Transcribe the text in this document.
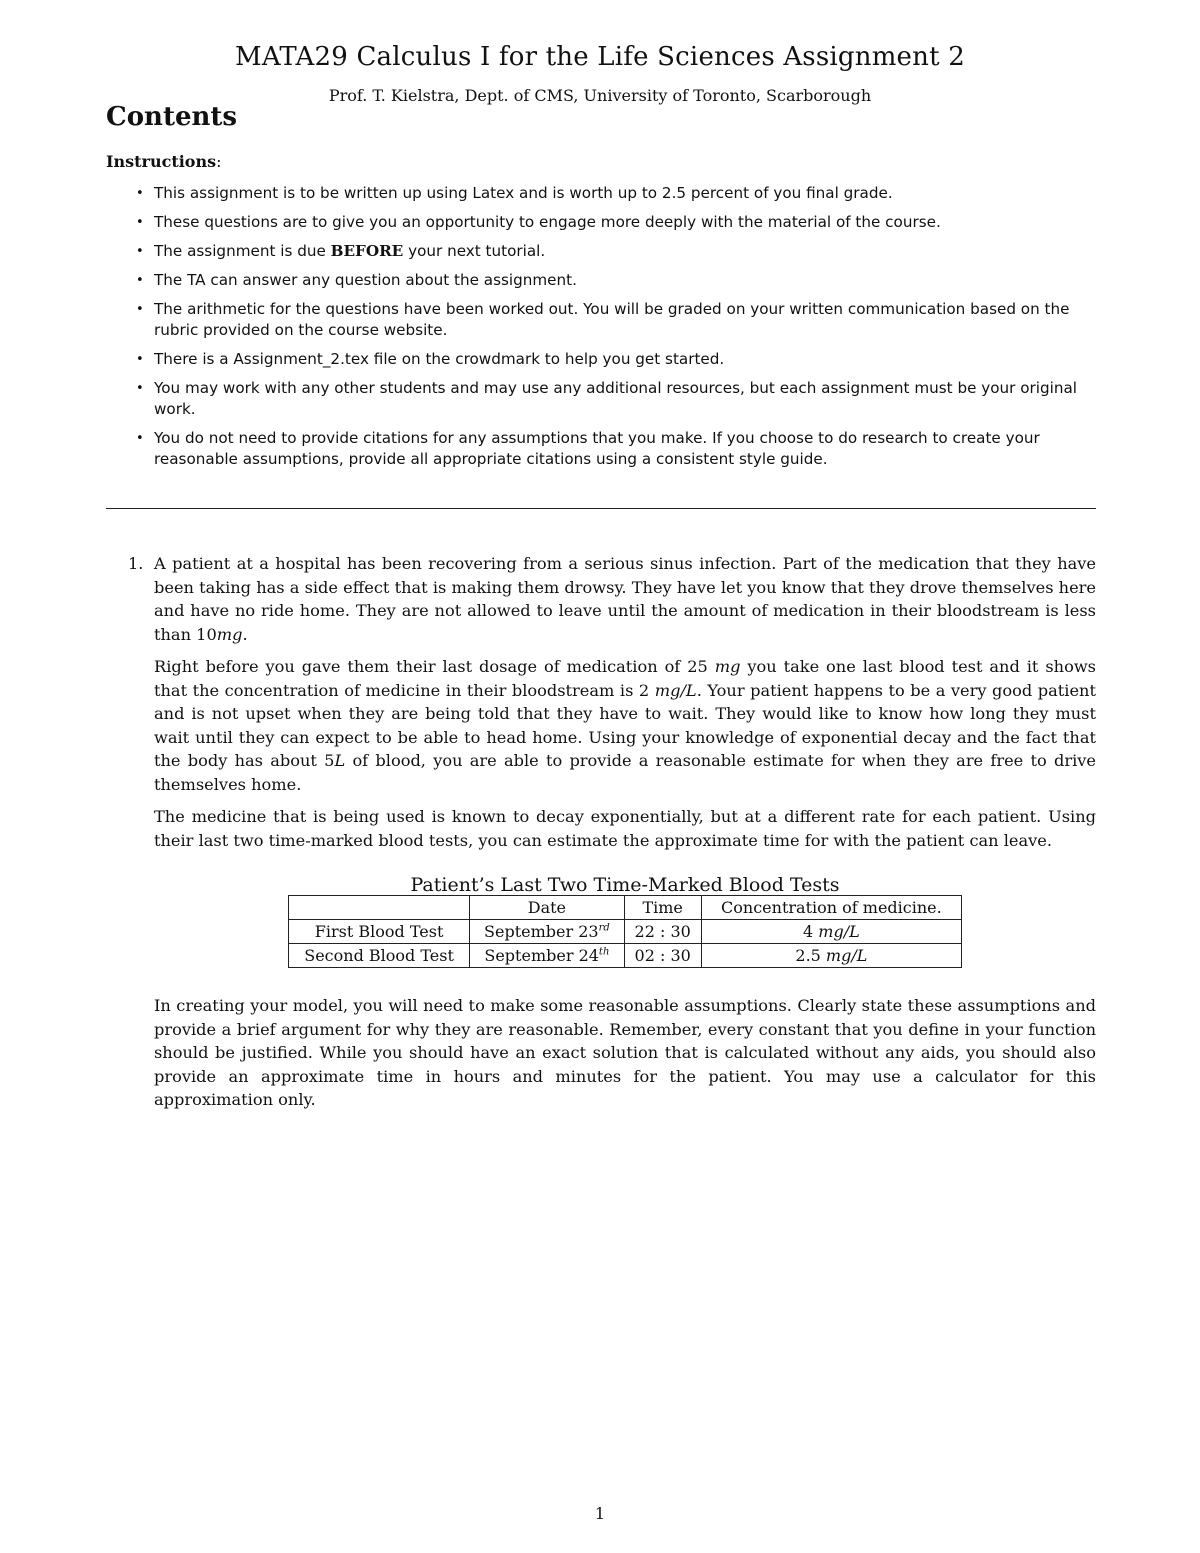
MATA29 Calculus I for the Life Sciences Assignment 2
Prof. T. Kielstra, Dept. of CMS, University of Toronto, Scarborough
Contents
Instructions:
• This assignment is to be written up using Latex and is worth up to 2.5 percent of you final grade.
• These questions are to give you an opportunity to engage more deeply with the material of the course.
• The assignment is due BEFORE your next tutorial.
• The TA can answer any question about the assignment.
• The arithmetic for the questions have been worked out. You will be graded on your written communication based on the rubric provided on the course website.
• There is a Assignment_2.tex file on the crowdmark to help you get started.
• You may work with any other students and may use any additional resources, but each assignment must be your original work.
• You do not need to provide citations for any assumptions that you make. If you choose to do research to create your reasonable assumptions, provide all appropriate citations using a consistent style guide.
1. A patient at a hospital has been recovering from a serious sinus infection. Part of the medication that they have been taking has a side effect that is making them drowsy. They have let you know that they drove themselves here and have no ride home. They are not allowed to leave until the amount of medication in their bloodstream is less than 10mg.

Right before you gave them their last dosage of medication of 25 mg you take one last blood test and it shows that the concentration of medicine in their bloodstream is 2 mg/L. Your patient happens to be a very good patient and is not upset when they are being told that they have to wait. They would like to know how long they must wait until they can expect to be able to head home. Using your knowledge of exponential decay and the fact that the body has about 5L of blood, you are able to provide a reasonable estimate for when they are free to drive themselves home.

The medicine that is being used is known to decay exponentially, but at a different rate for each patient. Using their last two time-marked blood tests, you can estimate the approximate time for with the patient can leave.

Patient’s Last Two Time-Marked Blood Tests
	Date	Time	Concentration of medicine.
First Blood Test	September 23rd	22 : 30	4 mg/L
Second Blood Test	September 24th	02 : 30	2.5 mg/L
In creating your model, you will need to make some reasonable assumptions. Clearly state these assumptions and provide a brief argument for why they are reasonable. Remember, every constant that you define in your function should be justified. While you should have an exact solution that is calculated without any aids, you should also provide an approximate time in hours and minutes for the patient. You may use a calculator for this approximation only.
1
